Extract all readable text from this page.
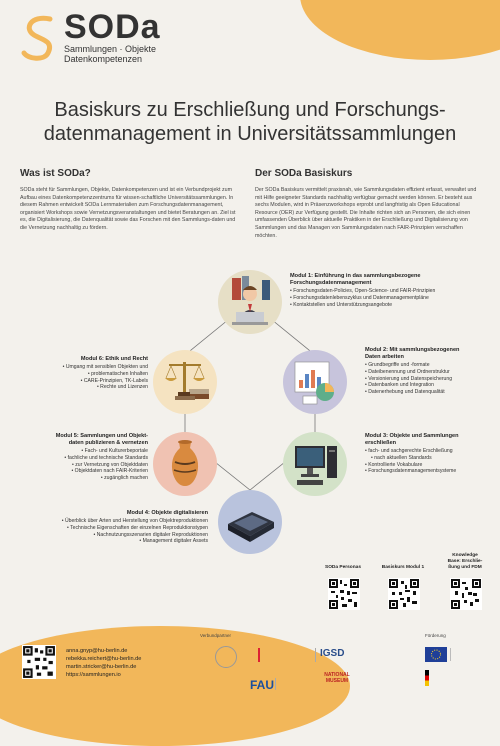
SODa
Sammlungen · Objekte
Datenkompetenzen
Basiskurs zu Erschließung und Forschungs-
datenmanagement in Universitätssammlungen
Was ist SODa?
SODa steht für Sammlungen, Objekte, Datenkompetenzen und ist ein Verbundprojekt zum Aufbau eines Datenkompetenzzentrums für wissen-schaftliche Universitätssammlungen. In diesem Rahmen entwickelt SODa Lernmaterialien zum Forschungsdatenmanagement, organisiert Workshops sowie Vernetzungsveranstaltungen und bietet Beratungen an. Ziel ist es, die Digitalisierung, die Datenqualität sowie das Forschen mit den Sammlungs-daten und die Vernetzung nachhaltig zu fördern.
Der SODa Basiskurs
Der SODa Basiskurs vermittelt praxisnah, wie Sammlungsdaten effizient erfasst, verwaltet und mit Hilfe geeigneter Standards nachhaltig verfügbar gemacht werden können. Er besteht aus sechs Modulen, wird in Präsenzworkshops erprobt und langfristig als Open Educational Resource (OER) zur Verfügung gestellt. Die Inhalte richten sich an Personen, die sich einen umfassenden Überblick über aktuelle Praktiken in der Erschließung und Digitalisierung von Sammlungen und das Managen von Sammlungsdaten nach FAIR-Prinzipien verschaffen möchten.
Modul 1: Einführung in das sammlungsbezogene
Forschungsdatenmanagement
• Forschungsdaten-Policies, Open-Science- und FAIR-Prinzipien
• Forschungsdatenlebenszyklus und Datenmanagementpläne
• Kontaktstellen und Unterstützungsangebote
Modul 2: Mit sammlungsbezogenen
Daten arbeiten
• Grundbegriffe und -formate
• Dateibenennung und Ordnerstruktur
• Versionierung und Datenspeicherung
• Datenbanken und Integration
• Datenerhebung und Datenqualität
Modul 3: Objekte und Sammlungen
erschließen
• fach- und sachgerechte Erschließung
• nach aktuellen Standards
• Kontrollierte Vokabulare
• Forschungsdatenmanagementsysteme
Modul 4: Objekte digitalisieren
• Überblick über Arten und Herstellung von Objektreproduktionen
• Technische Eigenschaften der einzelnen Reproduktionstypen
• Nachnutzungsszenarien digitaler Reproduktionen
• Management digitaler Assets
Modul 5: Sammlungen und Objekt-
daten publizieren & vernetzen
• Fach- und Kulturerbeportale
• fachliche und technische Standards
• zur Vernetzung von Objektdaten
• Objektdaten nach FAIR-Kriterien
• zugänglich machen
Modul 6: Ethik und Recht
• Umgang mit sensiblen Objekten und
• problematischen Inhalten
• CARE-Prinzipien, TK-Labels
• Rechte und Lizenzen
SODa Personas	Basiskurs Modul 1
Knowledge
Base: Erschlie-
ßung und FDM
Verbundpartner
IGSD
FAU
NATIONAL
MUSEUM
Förderung
anna.gnyp@hu-berlin.de
rebekka.reichert@hu-berlin.de
martin.stricker@hu-berlin.de
https://sammlungen.io
